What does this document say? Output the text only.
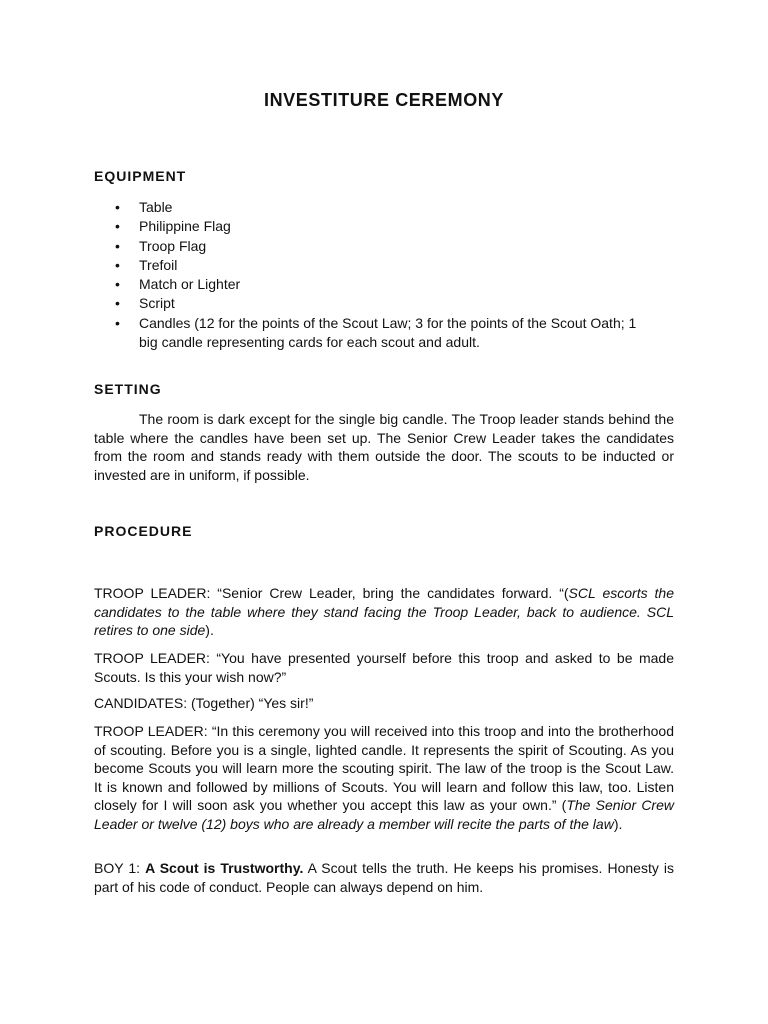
INVESTITURE CEREMONY
EQUIPMENT
• Table
• Philippine Flag
• Troop Flag
• Trefoil
• Match or Lighter
• Script
• Candles (12 for the points of the Scout Law; 3 for the points of the Scout Oath; 1 big candle representing cards for each scout and adult.
SETTING

The room is dark except for the single big candle. The Troop leader stands behind the table where the candles have been set up. The Senior Crew Leader takes the candidates from the room and stands ready with them outside the door. The scouts to be inducted or invested are in uniform, if possible.

PROCEDURE

TROOP LEADER: “Senior Crew Leader, bring the candidates forward. “(SCL escorts the candidates to the table where they stand facing the Troop Leader, back to audience. SCL retires to one side).

TROOP LEADER: “You have presented yourself before this troop and asked to be made Scouts. Is this your wish now?”

CANDIDATES: (Together) “Yes sir!”

TROOP LEADER: “In this ceremony you will received into this troop and into the brotherhood of scouting. Before you is a single, lighted candle. It represents the spirit of Scouting. As you become Scouts you will learn more the scouting spirit. The law of the troop is the Scout Law. It is known and followed by millions of Scouts. You will learn and follow this law, too. Listen closely for I will soon ask you whether you accept this law as your own.” (The Senior Crew Leader or twelve (12) boys who are already a member will recite the parts of the law).

BOY 1: A Scout is Trustworthy. A Scout tells the truth. He keeps his promises. Honesty is part of his code of conduct. People can always depend on him.
